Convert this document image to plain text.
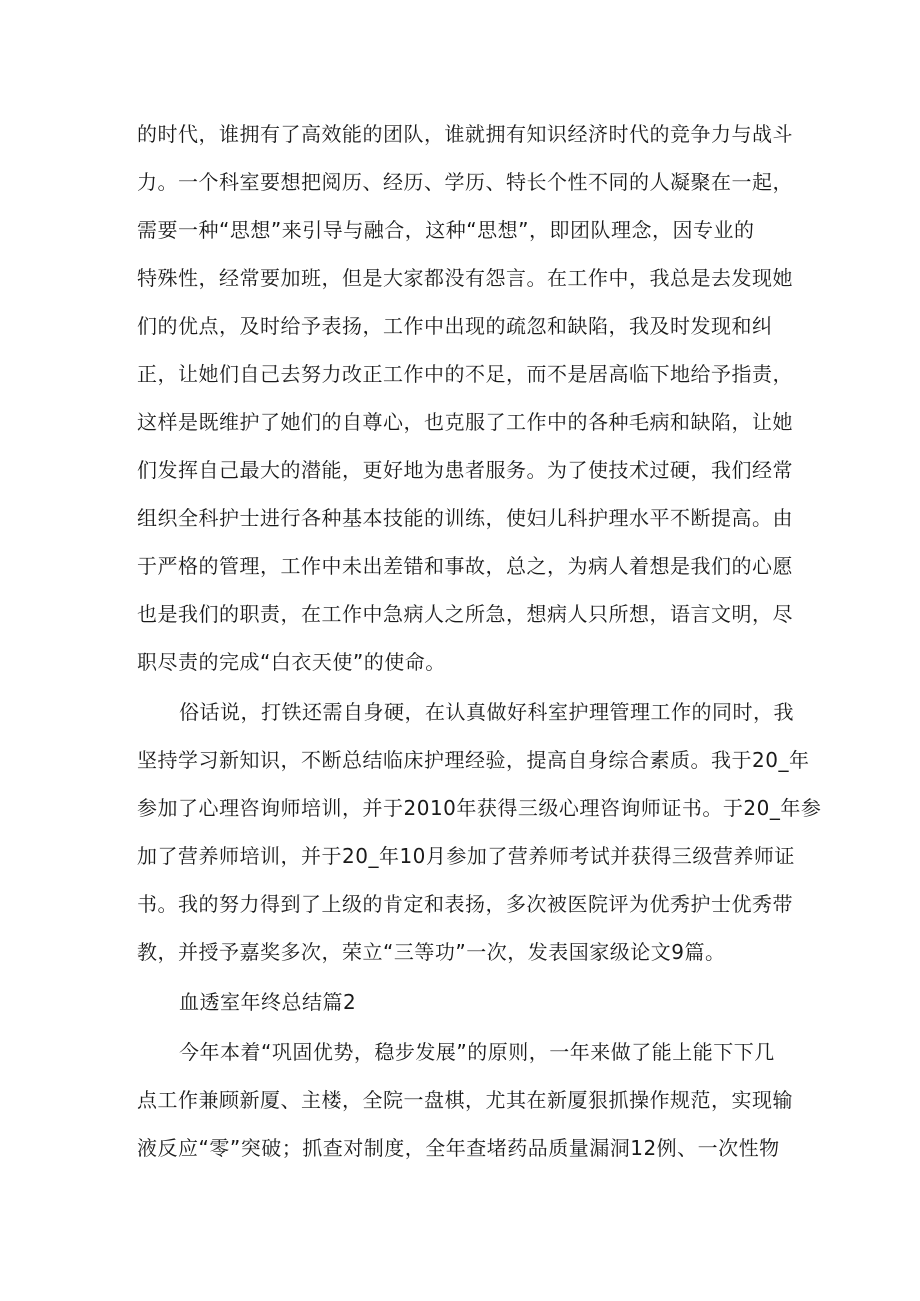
的时代，谁拥有了高效能的团队，谁就拥有知识经济时代的竞争力与战斗
力。一个科室要想把阅历、经历、学历、特长个性不同的人凝聚在一起，
需要一种“思想”来引导与融合，这种“思想”，即团队理念，因专业的
特殊性，经常要加班，但是大家都没有怨言。在工作中，我总是去发现她
们的优点，及时给予表扬，工作中出现的疏忽和缺陷，我及时发现和纠
正，让她们自己去努力改正工作中的不足，而不是居高临下地给予指责，
这样是既维护了她们的自尊心，也克服了工作中的各种毛病和缺陷，让她
们发挥自己最大的潜能，更好地为患者服务。为了使技术过硬，我们经常
组织全科护士进行各种基本技能的训练，使妇儿科护理水平不断提高。由
于严格的管理，工作中未出差错和事故，总之，为病人着想是我们的心愿
也是我们的职责，在工作中急病人之所急，想病人只所想，语言文明，尽
职尽责的完成“白衣天使”的使命。
俗话说，打铁还需自身硬，在认真做好科室护理管理工作的同时，我
坚持学习新知识，不断总结临床护理经验，提高自身综合素质。我于20_年
参加了心理咨询师培训，并于2010年获得三级心理咨询师证书。于20_年参
加了营养师培训，并于20_年10月参加了营养师考试并获得三级营养师证
书。我的努力得到了上级的肯定和表扬，多次被医院评为优秀护士优秀带
教，并授予嘉奖多次，荣立“三等功”一次，发表国家级论文9篇。
血透室年终总结篇2
今年本着“巩固优势，稳步发展”的原则，一年来做了能上能下下几
点工作兼顾新厦、主楼，全院一盘棋，尤其在新厦狠抓操作规范，实现输
液反应“零”突破；抓查对制度，全年查堵药品质量漏洞12例、一次性物
